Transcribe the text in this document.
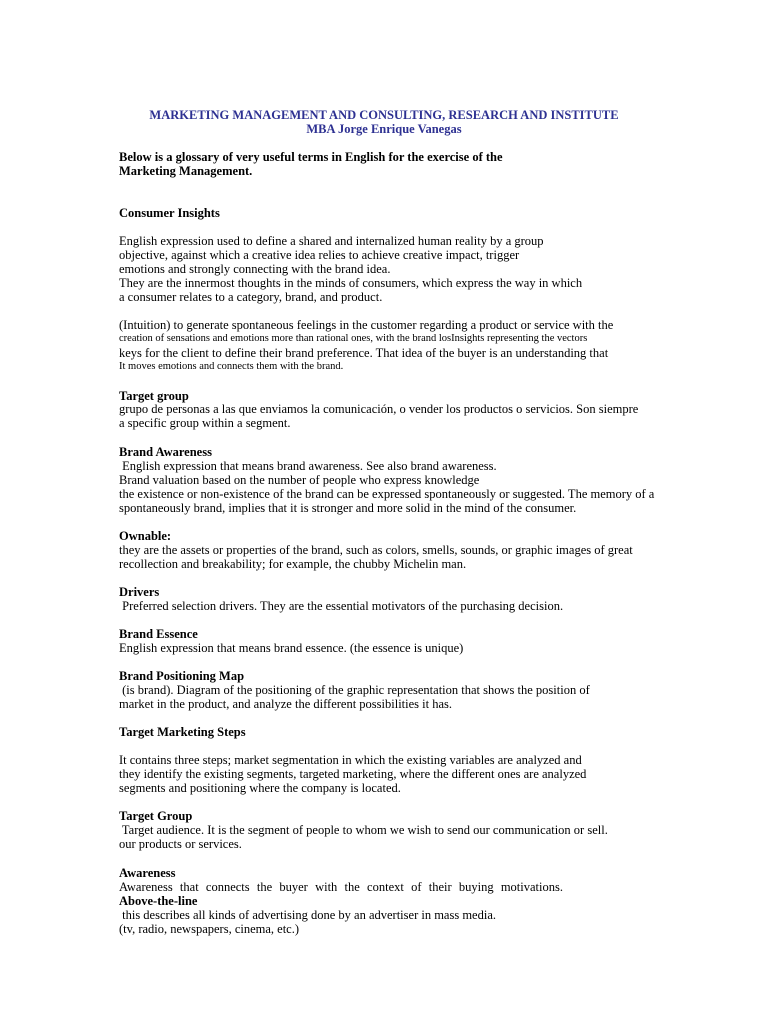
MARKETING MANAGEMENT AND CONSULTING, RESEARCH AND INSTITUTE
MBA Jorge Enrique Vanegas
Below is a glossary of very useful terms in English for the exercise of the
Marketing Management.
Consumer Insights
English expression used to define a shared and internalized human reality by a group
objective, against which a creative idea relies to achieve creative impact, trigger
emotions and strongly connecting with the brand idea.
They are the innermost thoughts in the minds of consumers, which express the way in which
a consumer relates to a category, brand, and product.
(Intuition) to generate spontaneous feelings in the customer regarding a product or service with the
creation of sensations and emotions more than rational ones, with the brand losInsights representing the vectors
keys for the client to define their brand preference. That idea of the buyer is an understanding that
It moves emotions and connects them with the brand.
Target group
grupo de personas a las que enviamos la comunicación, o vender los productos o servicios. Son siempre
a specific group within a segment.
Brand Awareness
English expression that means brand awareness. See also brand awareness.
Brand valuation based on the number of people who express knowledge
the existence or non-existence of the brand can be expressed spontaneously or suggested. The memory of a
spontaneously brand, implies that it is stronger and more solid in the mind of the consumer.
Ownable:
they are the assets or properties of the brand, such as colors, smells, sounds, or graphic images of great
recollection and breakability; for example, the chubby Michelin man.
Drivers
Preferred selection drivers. They are the essential motivators of the purchasing decision.
Brand Essence
English expression that means brand essence. (the essence is unique)
Brand Positioning Map
(is brand). Diagram of the positioning of the graphic representation that shows the position of
market in the product, and analyze the different possibilities it has.
Target Marketing Steps
It contains three steps; market segmentation in which the existing variables are analyzed and
they identify the existing segments, targeted marketing, where the different ones are analyzed
segments and positioning where the company is located.
Target Group
Target audience. It is the segment of people to whom we wish to send our communication or sell.
our products or services.
Awareness
Awareness that connects the buyer with the context of their buying motivations.
Above-the-line
this describes all kinds of advertising done by an advertiser in mass media.
(tv, radio, newspapers, cinema, etc.)
